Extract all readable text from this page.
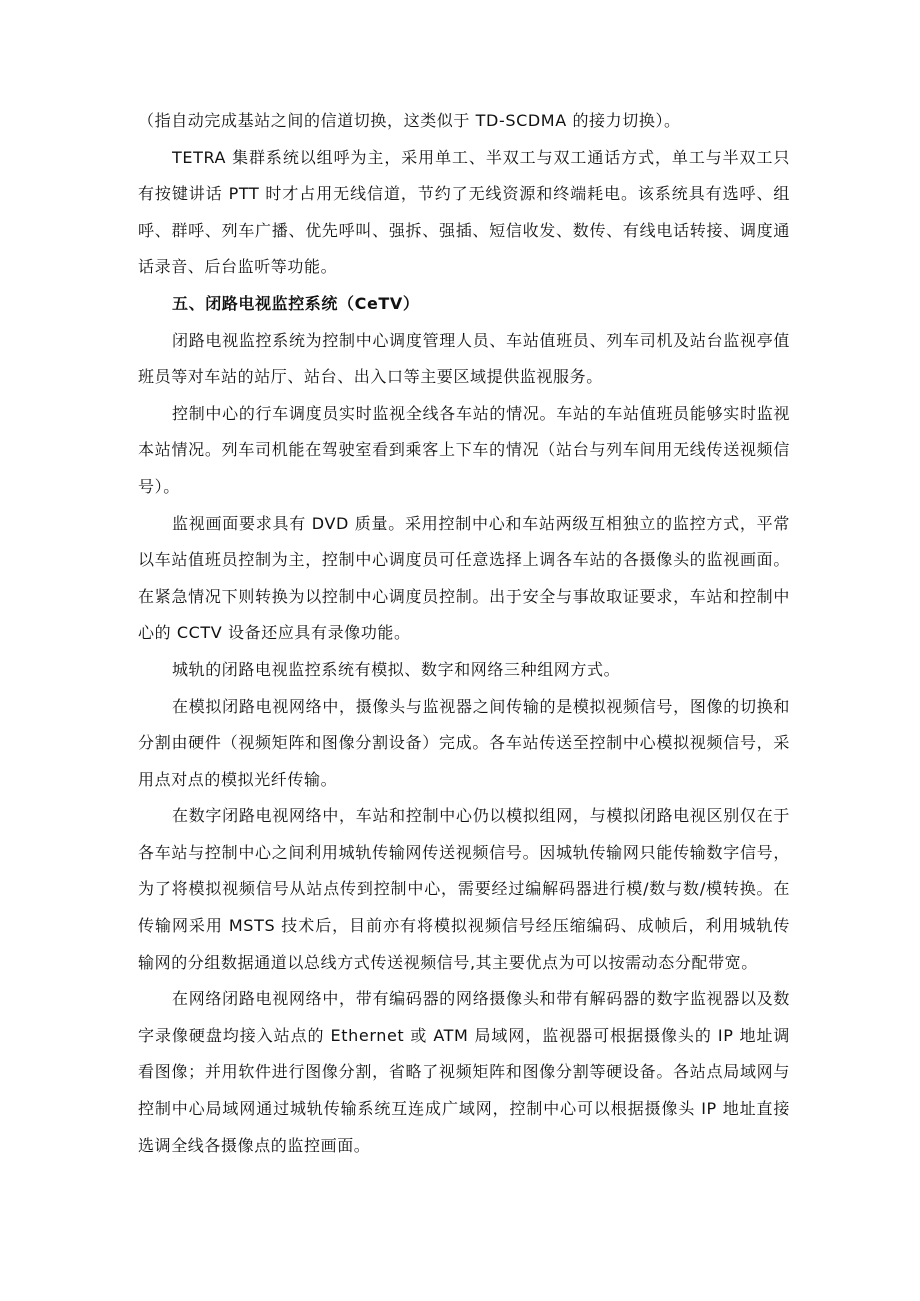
（指自动完成基站之间的信道切换，这类似于 TD-SCDMA 的接力切换）。

TETRA 集群系统以组呼为主，采用单工、半双工与双工通话方式，单工与半双工只有按键讲话 PTT 时才占用无线信道，节约了无线资源和终端耗电。该系统具有选呼、组呼、群呼、列车广播、优先呼叫、强拆、强插、短信收发、数传、有线电话转接、调度通话录音、后台监听等功能。

五、闭路电视监控系统（CeTV）

闭路电视监控系统为控制中心调度管理人员、车站值班员、列车司机及站台监视亭值班员等对车站的站厅、站台、出入口等主要区域提供监视服务。

控制中心的行车调度员实时监视全线各车站的情况。车站的车站值班员能够实时监视本站情况。列车司机能在驾驶室看到乘客上下车的情况（站台与列车间用无线传送视频信号）。

监视画面要求具有 DVD 质量。采用控制中心和车站两级互相独立的监控方式，平常以车站值班员控制为主，控制中心调度员可任意选择上调各车站的各摄像头的监视画面。在紧急情况下则转换为以控制中心调度员控制。出于安全与事故取证要求，车站和控制中心的 CCTV 设备还应具有录像功能。

城轨的闭路电视监控系统有模拟、数字和网络三种组网方式。

在模拟闭路电视网络中，摄像头与监视器之间传输的是模拟视频信号，图像的切换和分割由硬件（视频矩阵和图像分割设备）完成。各车站传送至控制中心模拟视频信号，采用点对点的模拟光纤传输。

在数字闭路电视网络中，车站和控制中心仍以模拟组网，与模拟闭路电视区别仅在于各车站与控制中心之间利用城轨传输网传送视频信号。因城轨传输网只能传输数字信号，为了将模拟视频信号从站点传到控制中心，需要经过编解码器进行模/数与数/模转换。在传输网采用 MSTS 技术后，目前亦有将模拟视频信号经压缩编码、成帧后，利用城轨传输网的分组数据通道以总线方式传送视频信号,其主要优点为可以按需动态分配带宽。

在网络闭路电视网络中，带有编码器的网络摄像头和带有解码器的数字监视器以及数字录像硬盘均接入站点的 Ethernet 或 ATM 局域网，监视器可根据摄像头的 IP 地址调看图像；并用软件进行图像分割，省略了视频矩阵和图像分割等硬设备。各站点局域网与控制中心局域网通过城轨传输系统互连成广域网，控制中心可以根据摄像头 IP 地址直接选调全线各摄像点的监控画面。
